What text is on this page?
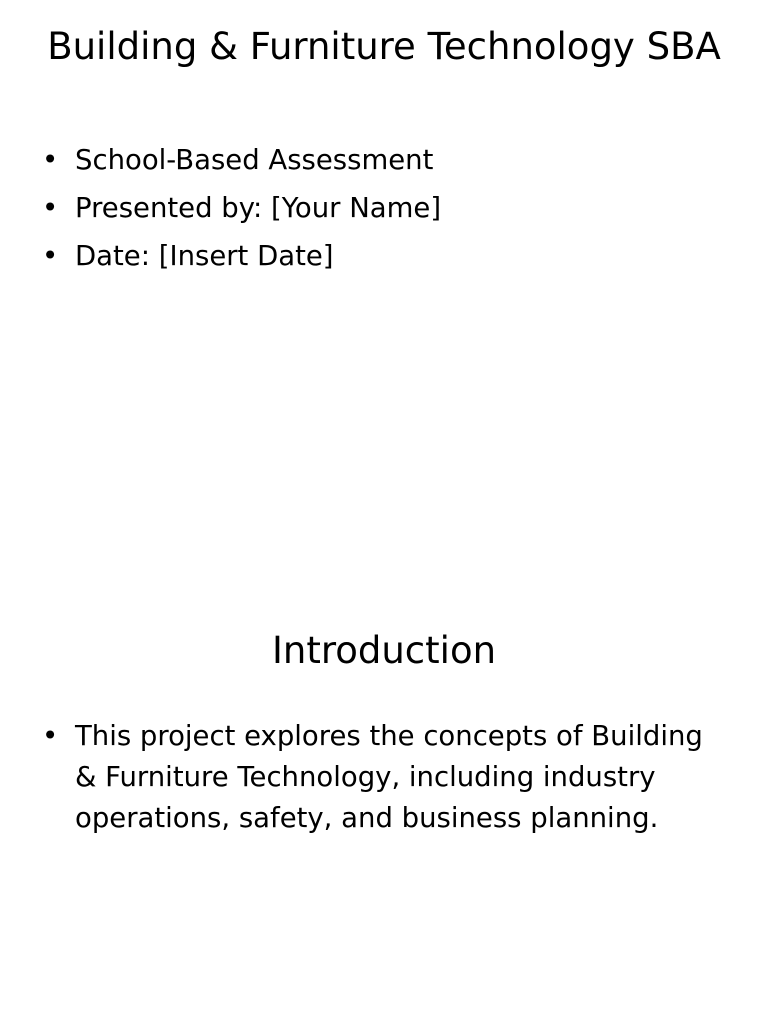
Building & Furniture Technology SBA
• School-Based Assessment
• Presented by: [Your Name]
• Date: [Insert Date]
Introduction
• This project explores the concepts of Building & Furniture Technology, including industry operations, safety, and business planning.
